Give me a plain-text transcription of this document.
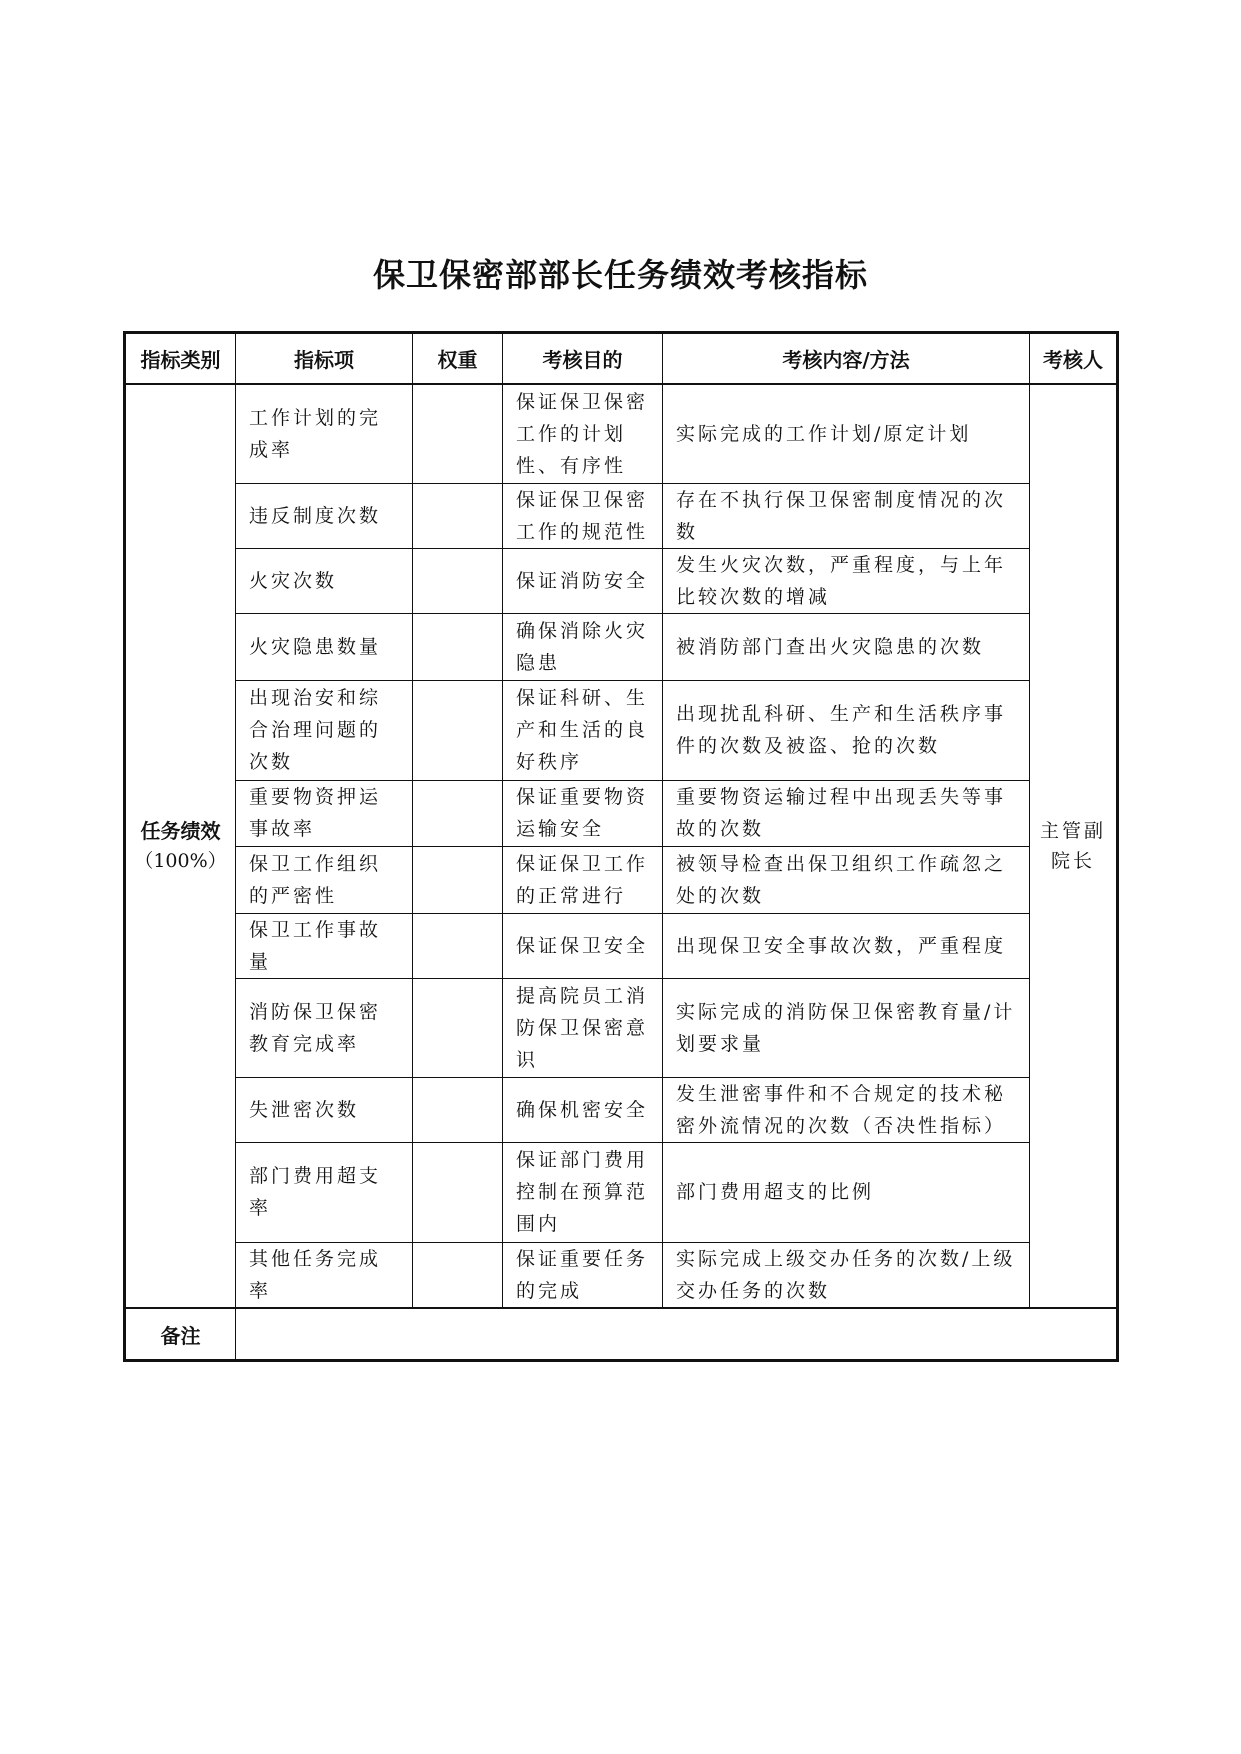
保卫保密部部长任务绩效考核指标
指标类别	指标项	权重	考核目的	考核内容/方法	考核人

任务绩效
（100%）	工作计划的完成率		保证保卫保密工作的计划性、有序性	实际完成的工作计划/原定计划	主管副院长
	违反制度次数		保证保卫保密工作的规范性	存在不执行保卫保密制度情况的次数	
	火灾次数		保证消防安全	发生火灾次数，严重程度，与上年比较次数的增减	
	火灾隐患数量		确保消除火灾隐患	被消防部门查出火灾隐患的次数	
	出现治安和综合治理问题的次数		保证科研、生产和生活的良好秩序	出现扰乱科研、生产和生活秩序事件的次数及被盗、抢的次数	
	重要物资押运事故率		保证重要物资运输安全	重要物资运输过程中出现丢失等事故的次数	
	保卫工作组织的严密性		保证保卫工作的正常进行	被领导检查出保卫组织工作疏忽之处的次数	
	保卫工作事故量		保证保卫安全	出现保卫安全事故次数，严重程度	
	消防保卫保密教育完成率		提高院员工消防保卫保密意识	实际完成的消防保卫保密教育量/计划要求量	
	失泄密次数		确保机密安全	发生泄密事件和不合规定的技术秘密外流情况的次数（否决性指标）	
	部门费用超支率		保证部门费用控制在预算范围内	部门费用超支的比例	
	其他任务完成率		保证重要任务的完成	实际完成上级交办任务的次数/上级交办任务的次数	
备注					
